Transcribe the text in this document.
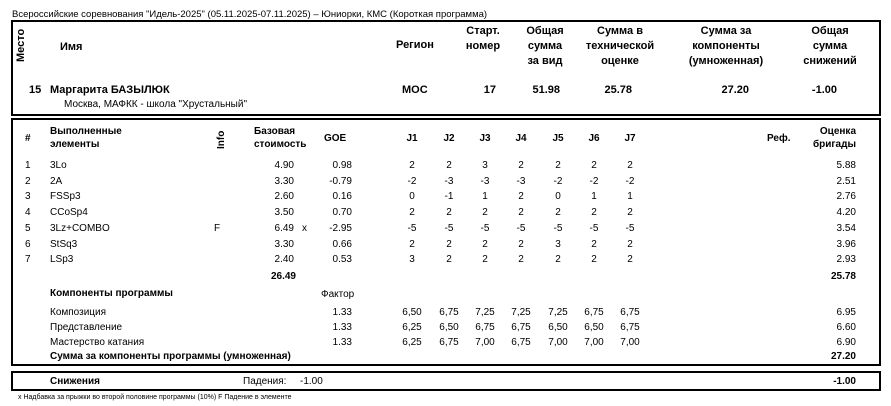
Всероссийские соревнования "Идель-2025" (05.11.2025-07.11.2025) – Юниорки, КМС (Короткая программа)
Место	Имя	Регион
Старт.
номер
Общая
сумма
за вид
Сумма в
технической
оценке
Сумма за
компоненты
(умноженная)
Общая
сумма
снижений
15 Маргарита БАЗЫЛЮК
Москва, МАФКК - школа "Хрустальный"
МОС	17	51.98	25.78	27.20	-1.00
#
Выполненные
элементы	Info	Базовая
стоимость
GOE	J1	J2	J3	J4	J5	J6	J7	Реф.
Оценка
бригады
1 3Lo	4.90	0.98	2	2	3	2	2	2	2	5.88
2 2A	3.30	-0.79	-2	-3	-3	-3	-2	-2	-2	2.51
3 FSSp3	2.60	0.16	0	-1	1	2	0	1	1	2.76
4 CCoSp4	3.50	0.70	2	2	2	2	2	2	2	4.20
5 3Lz+COMBO	F	6.49 x	-2.95	-5	-5	-5	-5	-5	-5	-5	3.54
6 StSq3	3.30	0.66	2	2	2	2	3	2	2	3.96
7 LSp3	2.40	0.53	3	2	2	2	2	2	2	2.93
26.49	25.78
Компоненты программы	Фактор
Композиция	1.33	6,50	6,75	7,25	7,25	7,25	6,75	6,75	6.95
Представление	1.33	6,25	6,50	6,75	6,75	6,50	6,50	6,75	6.60
Мастерство катания	1.33	6,25	6,75	7,00	6,75	7,00	7,00	7,00	6.90
Сумма за компоненты программы (умноженная)	27.20
Снижения	Падения: -1.00	-1.00
x Надбавка за прыжки во второй половине программы (10%) F Падение в элементе
